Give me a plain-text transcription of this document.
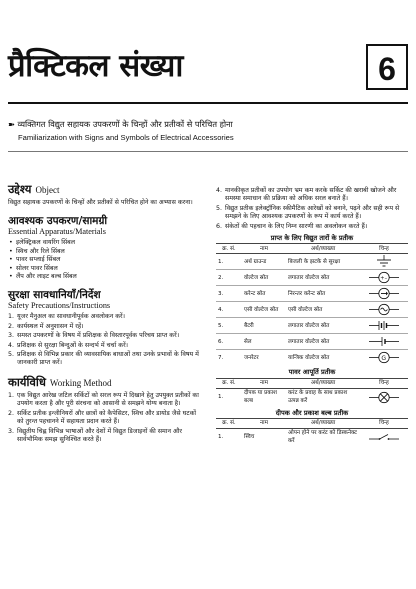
प्रैक्टिकल संख्या	6
➽ व्यक्तिगत विद्युत सहायक उपकरणों के चिन्हों और प्रतीकों से परिचित होना
Familiarization with Signs and Symbols of Electrical Accessories
उद्देश्य Object
विद्युत सहायक उपकरणों के चिन्हों और प्रतीकों से परिचित होने का अभ्यास करना।
आवश्यक उपकरण/सामग्री
Essential Apparatus/Materials
• इलेक्ट्रिकल वायरिंग सिंबल
• स्विच और रिले सिंबल
• पावर सप्लाई सिंबल
• सोलर पावर सिंबल
• लैंप और लाइट बल्ब सिंबल
सुरक्षा सावधानियाँ/निर्देश
Safety Precautions/Instructions
1. यूजर मैनुअल का सावधानीपूर्वक अवलोकन करें।
2. कार्यस्थल में अनुशासन में रहें।
3. समस्त उपकरणों के विषय में प्रशिक्षक से विस्तारपूर्वक परिचय प्राप्त करें।
4. प्रशिक्षक से सुरक्षा बिन्दुओं के सन्दर्भ में चर्चा करें।
5. प्रशिक्षक से विभिन्न प्रकार की व्यावसायिक बाधाओं तथा उनके प्रभावों के विषय में जानकारी प्राप्त करें।
कार्यविधि Working Method
1. एक विद्युत आरेख जटिल सर्किटों को सरल रूप में दिखाने हेतु उपयुक्त प्रतीकों का उपयोग करता है और पूरी संरचना को आसानी से समझने योग्य बनाता है।
2. सर्किट प्रतीक इन्जीनियरों और छात्रों को कैपेसिटर, स्विच और डायोड जैसे घटकों को तुरन्त पहचानने में सहायता प्रदान करते हैं।
3. विद्युतीय चिह्न विभिन्न भाषाओं और देशों में विद्युत डिजाइनों की समान और सार्वभौमिक समझ सुनिश्चित करते हैं।
4. मानकीकृत प्रतीकों का उपयोग भ्रम कम करके सर्किट की खराबी खोजने और समस्या समाधान की प्रक्रिया को अधिक सरल बनाते हैं।
5. विद्युत प्रतीक इलेक्ट्रॉनिक स्कीमैटिक आरेखों को बनाने, पढ़ने और सही रूप से समझने के लिए आवश्यक उपकरणों के रूप में कार्य करते हैं।
6. संकेतों की पहचान के लिए निम्न सारणी का अवलोकन करते हैं।
प्राप्त के लिए विद्युत तारों के प्रतीक
क्र. सं.	नाम	अर्थ/व्याख्या	चिन्ह
1.	अर्थ ग्राउन्ड	बिजली के झटके से सुरक्षा	

2.	वोल्टेज स्रोत	लगातार वोल्टेज स्रोत	+ –

3.	करेन्ट स्रोत	निरन्तर करेन्ट स्रोत	

4.	एसी वोल्टेज स्रोत	एसी वोल्टेज स्रोत	

5.	बैटरी	लगातार वोल्टेज स्रोत	

6.	सेल	लगातार वोल्टेज स्रोत	

7.	जनरेटर	यान्त्रिक वोल्टेज स्रोत	G
पावर आपूर्ति प्रतीक
क्र. सं.	नाम	अर्थ/व्याख्या	चिन्ह
1.	दीपक या प्रकाश बल्ब	करंट के प्रवाह के साथ प्रकाश उत्पन्न करें	
दीपक और प्रकाश बल्ब प्रतीक
क्र. सं.	नाम	अर्थ/व्याख्या	चिन्ह
1.	स्विच	ओपन होने पर करंट को डिस्कनेक्ट करें	
